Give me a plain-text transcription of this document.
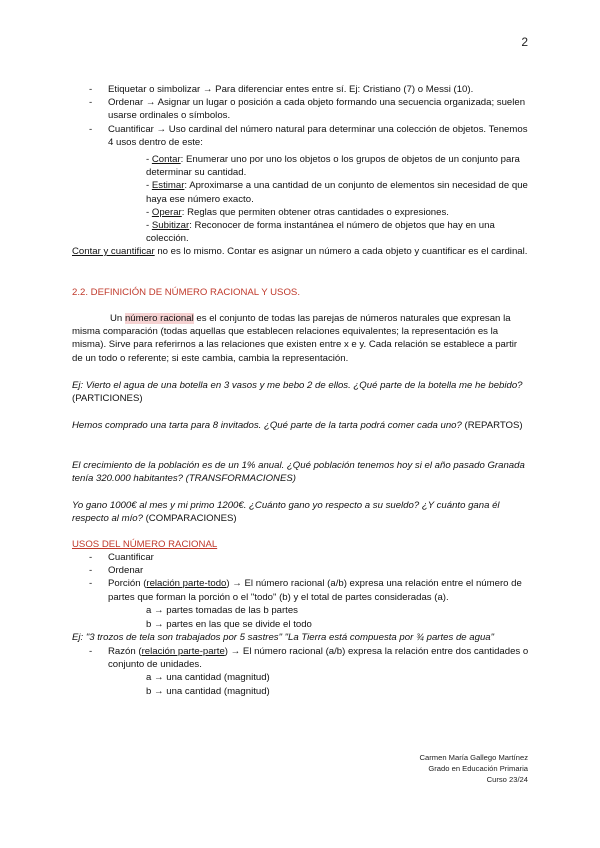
2
- Etiquetar o simbolizar → Para diferenciar entes entre sí. Ej: Cristiano (7) o Messi (10).
- Ordenar → Asignar un lugar o posición a cada objeto formando una secuencia organizada; suelen usarse ordinales o símbolos.
- Cuantificar → Uso cardinal del número natural para determinar una colección de objetos. Tenemos 4 usos dentro de este:
- Contar: Enumerar uno por uno los objetos o los grupos de objetos de un conjunto para determinar su cantidad.
- Estimar: Aproximarse a una cantidad de un conjunto de elementos sin necesidad de que haya ese número exacto.
- Operar: Reglas que permiten obtener otras cantidades o expresiones.
- Subitizar: Reconocer de forma instantánea el número de objetos que hay en una colección.
Contar y cuantificar no es lo mismo. Contar es asignar un número a cada objeto y cuantificar es el cardinal.
2.2. DEFINICIÓN DE NÚMERO RACIONAL Y USOS.
Un número racional es el conjunto de todas las parejas de números naturales que expresan la misma comparación (todas aquellas que establecen relaciones equivalentes; la representación es la misma). Sirve para referirnos a las relaciones que existen entre x e y. Cada relación se establece a partir de un todo o referente; si este cambia, cambia la representación.
Ej: Vierto el agua de una botella en 3 vasos y me bebo 2 de ellos. ¿Qué parte de la botella me he bebido? (PARTICIONES)
Hemos comprado una tarta para 8 invitados. ¿Qué parte de la tarta podrá comer cada uno? (REPARTOS)
El crecimiento de la población es de un 1% anual. ¿Qué población tenemos hoy si el año pasado Granada tenía 320.000 habitantes? (TRANSFORMACIONES)
Yo gano 1000€ al mes y mi primo 1200€. ¿Cuánto gano yo respecto a su sueldo? ¿Y cuánto gana él respecto al mío? (COMPARACIONES)
USOS DEL NÚMERO RACIONAL
- Cuantificar
- Ordenar
- Porción (relación parte-todo) → El número racional (a/b) expresa una relación entre el número de partes que forman la porción o el "todo" (b) y el total de partes consideradas (a).
a → partes tomadas de las b partes
b → partes en las que se divide el todo
Ej: "3 trozos de tela son trabajados por 5 sastres" "La Tierra está compuesta por ¾ partes de agua"
- Razón (relación parte-parte) → El número racional (a/b) expresa la relación entre dos cantidades o conjunto de unidades.
a → una cantidad (magnitud)
b → una cantidad (magnitud)
Carmen María Gallego Martínez
Grado en Educación Primaria
Curso 23/24
